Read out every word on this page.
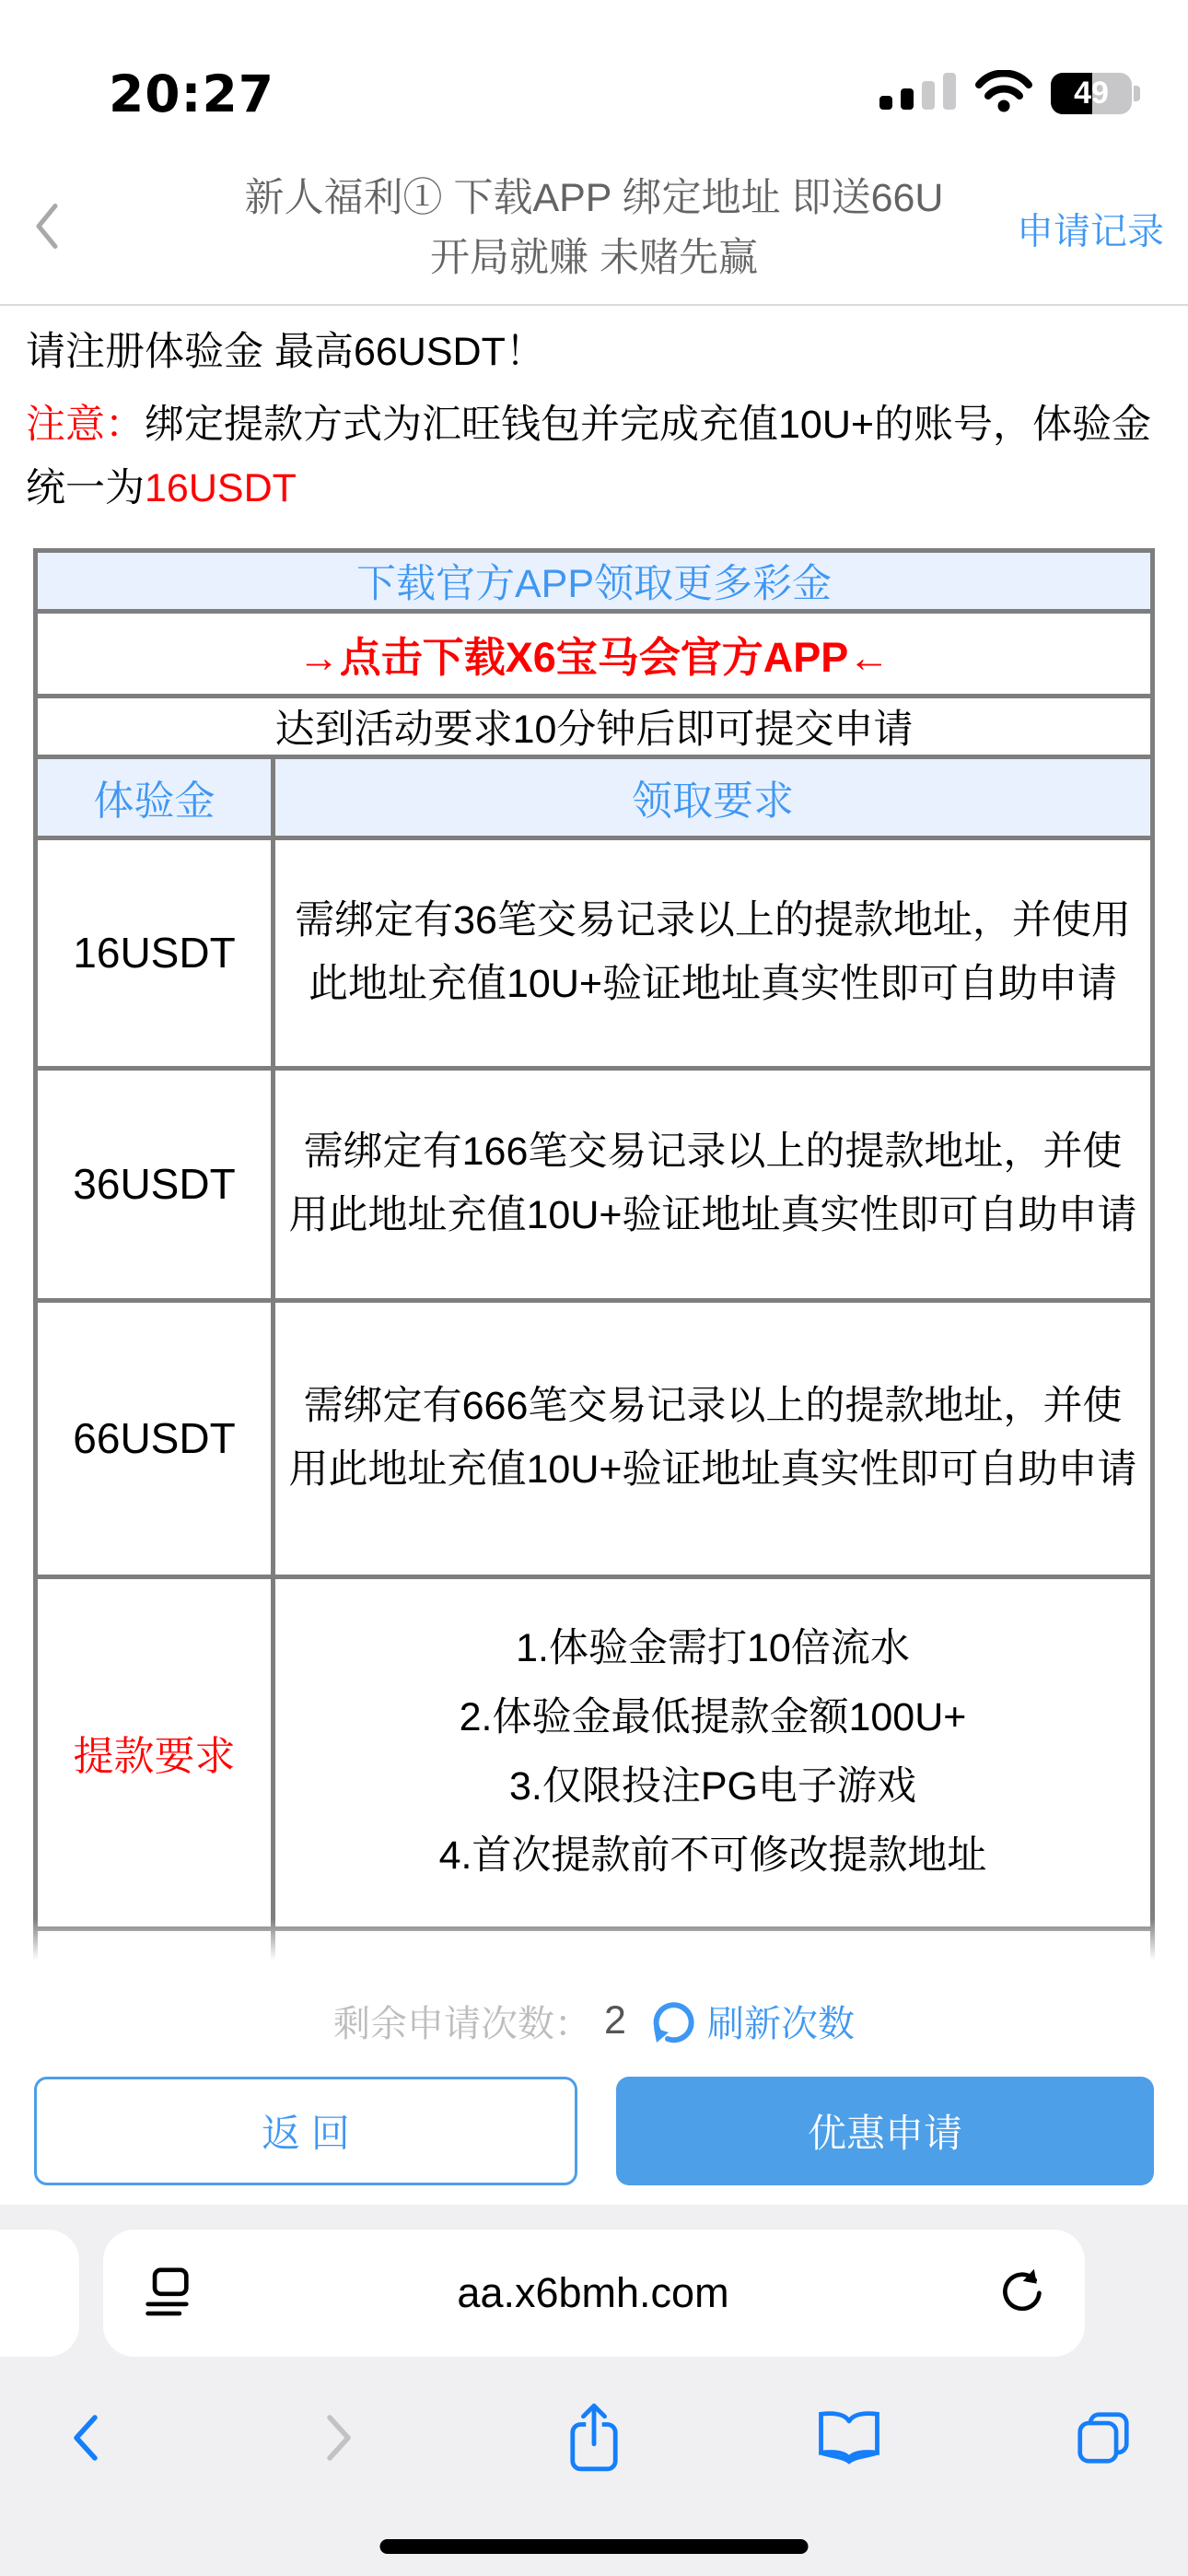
20:27	49
新人福利① 下载APP 绑定地址 即送66U 开局就赚 未赌先赢
申请记录
请注册体验金 最高66USDT！
注意：绑定提款方式为汇旺钱包并完成充值10U+的账号，体验金统一为16USDT
下载官方APP领取更多彩金	
→点击下载X6宝马会官方APP←	
达到活动要求10分钟后即可提交申请	
体验金	领取要求
16USDT	需绑定有36笔交易记录以上的提款地址，并使用此地址充值10U+验证地址真实性即可自助申请
36USDT	需绑定有166笔交易记录以上的提款地址，并使用此地址充值10U+验证地址真实性即可自助申请
66USDT	需绑定有666笔交易记录以上的提款地址，并使用此地址充值10U+验证地址真实性即可自助申请
提款要求	1.体验金需打10倍流水
2.体验金最低提款金额100U+
3.仅限投注PG电子游戏
4.首次提款前不可修改提款地址

剩余申请次数： 2 刷新次数
返 回	优惠申请
aa.x6bmh.com
